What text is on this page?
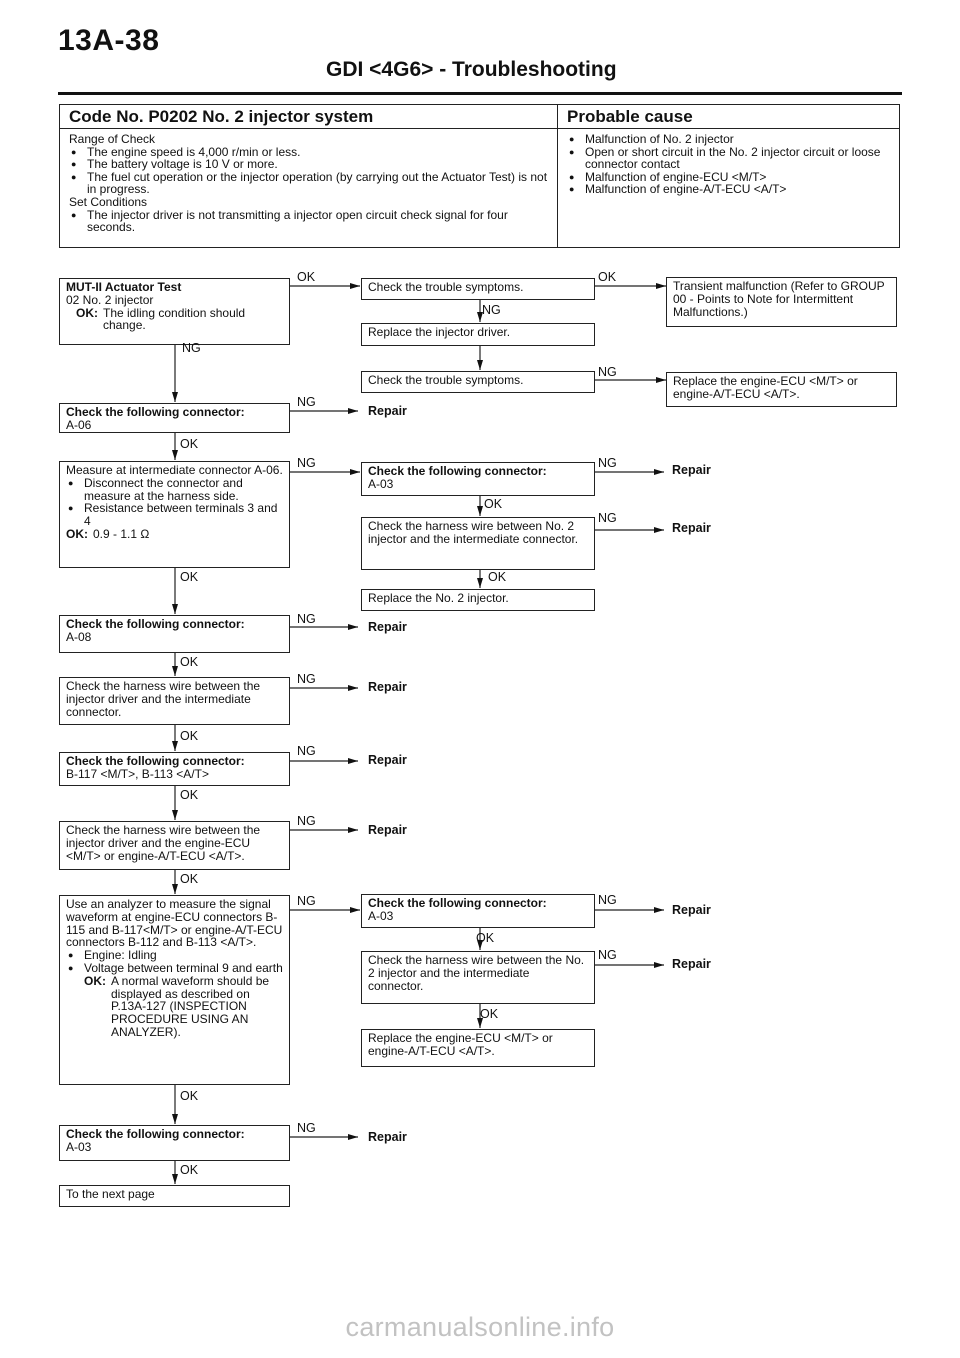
13A-38
GDI <4G6> - Troubleshooting
Code No. P0202 No. 2 injector system	Probable cause
Range of Check
● The engine speed is 4,000 r/min or less.
● The battery voltage is 10 V or more.
● The fuel cut operation or the injector operation (by carrying out the Actuator Test) is not in progress.
Set Conditions
● The injector driver is not transmitting a injector open circuit check signal for four seconds.
● Malfunction of No. 2 injector
● Open or short circuit in the No. 2 injector circuit or loose connector contact
● Malfunction of engine-ECU <M/T>
● Malfunction of engine-A/T-ECU <A/T>
MUT-II Actuator Test
02 No. 2 injector
OK: The idling condition should change.
Check the trouble symptoms.	Transient malfunction (Refer to GROUP 00 - Points to Note for Intermittent Malfunctions.)
Replace the injector driver.
Check the trouble symptoms.	Replace the engine-ECU <M/T> or engine-A/T-ECU <A/T>.
Check the following connector:
A-06
Measure at intermediate connector A-06.
● Disconnect the connector and measure at the harness side.
● Resistance between terminals 3 and 4
OK: 0.9 - 1.1 Ω
Check the following connector:
A-03
Check the harness wire between No. 2 injector and the intermediate connector.
Replace the No. 2 injector.
Check the following connector:
A-08
Check the harness wire between the injector driver and the intermediate connector.
Check the following connector:
B-117 <M/T>, B-113 <A/T>
Check the harness wire between the injector driver and the engine-ECU <M/T> or engine-A/T-ECU <A/T>.
Use an analyzer to measure the signal waveform at engine-ECU connectors B-115 and B-117<M/T> or engine-A/T-ECU connectors B-112 and B-113 <A/T>.
● Engine: Idling
● Voltage between terminal 9 and earth
OK: A normal waveform should be displayed as described on P.13A-127 (INSPECTION PROCEDURE USING AN ANALYZER).
Check the following connector:
A-03
Check the harness wire between the No. 2 injector and the intermediate connector.
Replace the engine-ECU <M/T> or engine-A/T-ECU <A/T>.
Check the following connector:
A-03
To the next page
OK	OK
NG
NG
NG
NG
OK
NG	NG
OK
NG
OK	OK
NG
OK
NG
OK
NG
OK
NG
OK
NG	NG
OK
NG
OK
OK
NG
OK
Repair
Repair
Repair
Repair
Repair
Repair
Repair
Repair
Repair
Repair
carmanualsonline.info
